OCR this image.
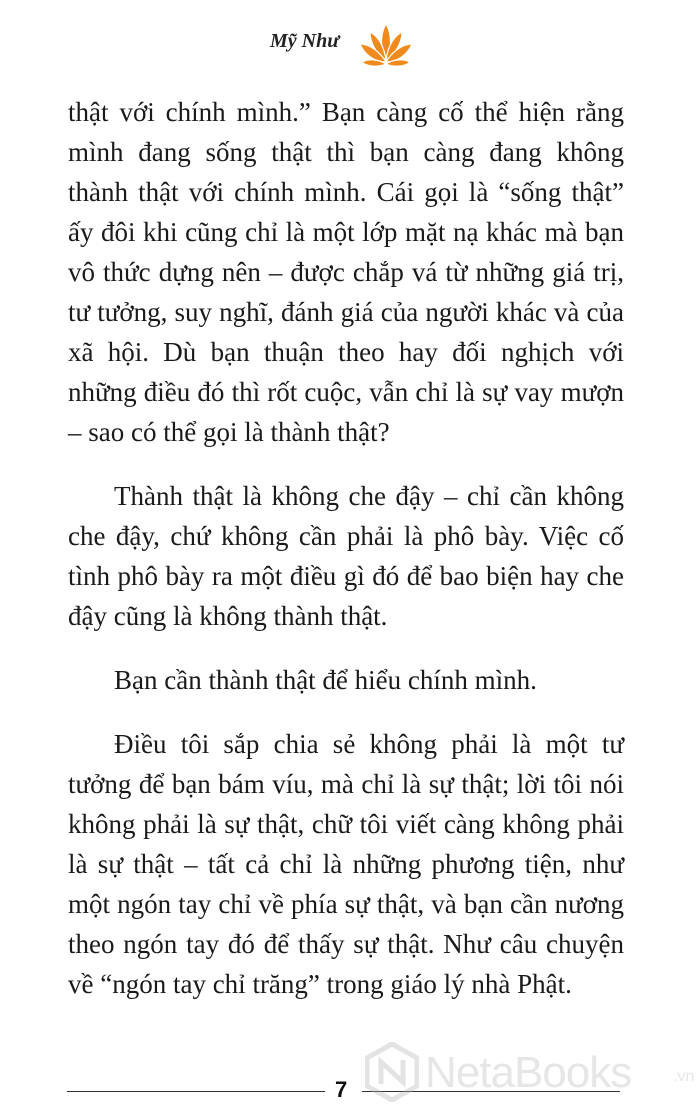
Mỹ Như

thật với chính mình.” Bạn càng cố thể hiện rằng mình đang sống thật thì bạn càng đang không thành thật với chính mình. Cái gọi là “sống thật” ấy đôi khi cũng chỉ là một lớp mặt nạ khác mà bạn vô thức dựng nên – được chắp vá từ những giá trị, tư tưởng, suy nghĩ, đánh giá của người khác và của xã hội. Dù bạn thuận theo hay đối nghịch với những điều đó thì rốt cuộc, vẫn chỉ là sự vay mượn – sao có thể gọi là thành thật?

Thành thật là không che đậy – chỉ cần không che đậy, chứ không cần phải là phô bày. Việc cố tình phô bày ra một điều gì đó để bao biện hay che đậy cũng là không thành thật.

Bạn cần thành thật để hiểu chính mình.

Điều tôi sắp chia sẻ không phải là một tư tưởng để bạn bám víu, mà chỉ là sự thật; lời tôi nói không phải là sự thật, chữ tôi viết càng không phải là sự thật – tất cả chỉ là những phương tiện, như một ngón tay chỉ về phía sự thật, và bạn cần nương theo ngón tay đó để thấy sự thật. Như câu chuyện về “ngón tay chỉ trăng” trong giáo lý nhà Phật.

7 NetaBooks	.vn
